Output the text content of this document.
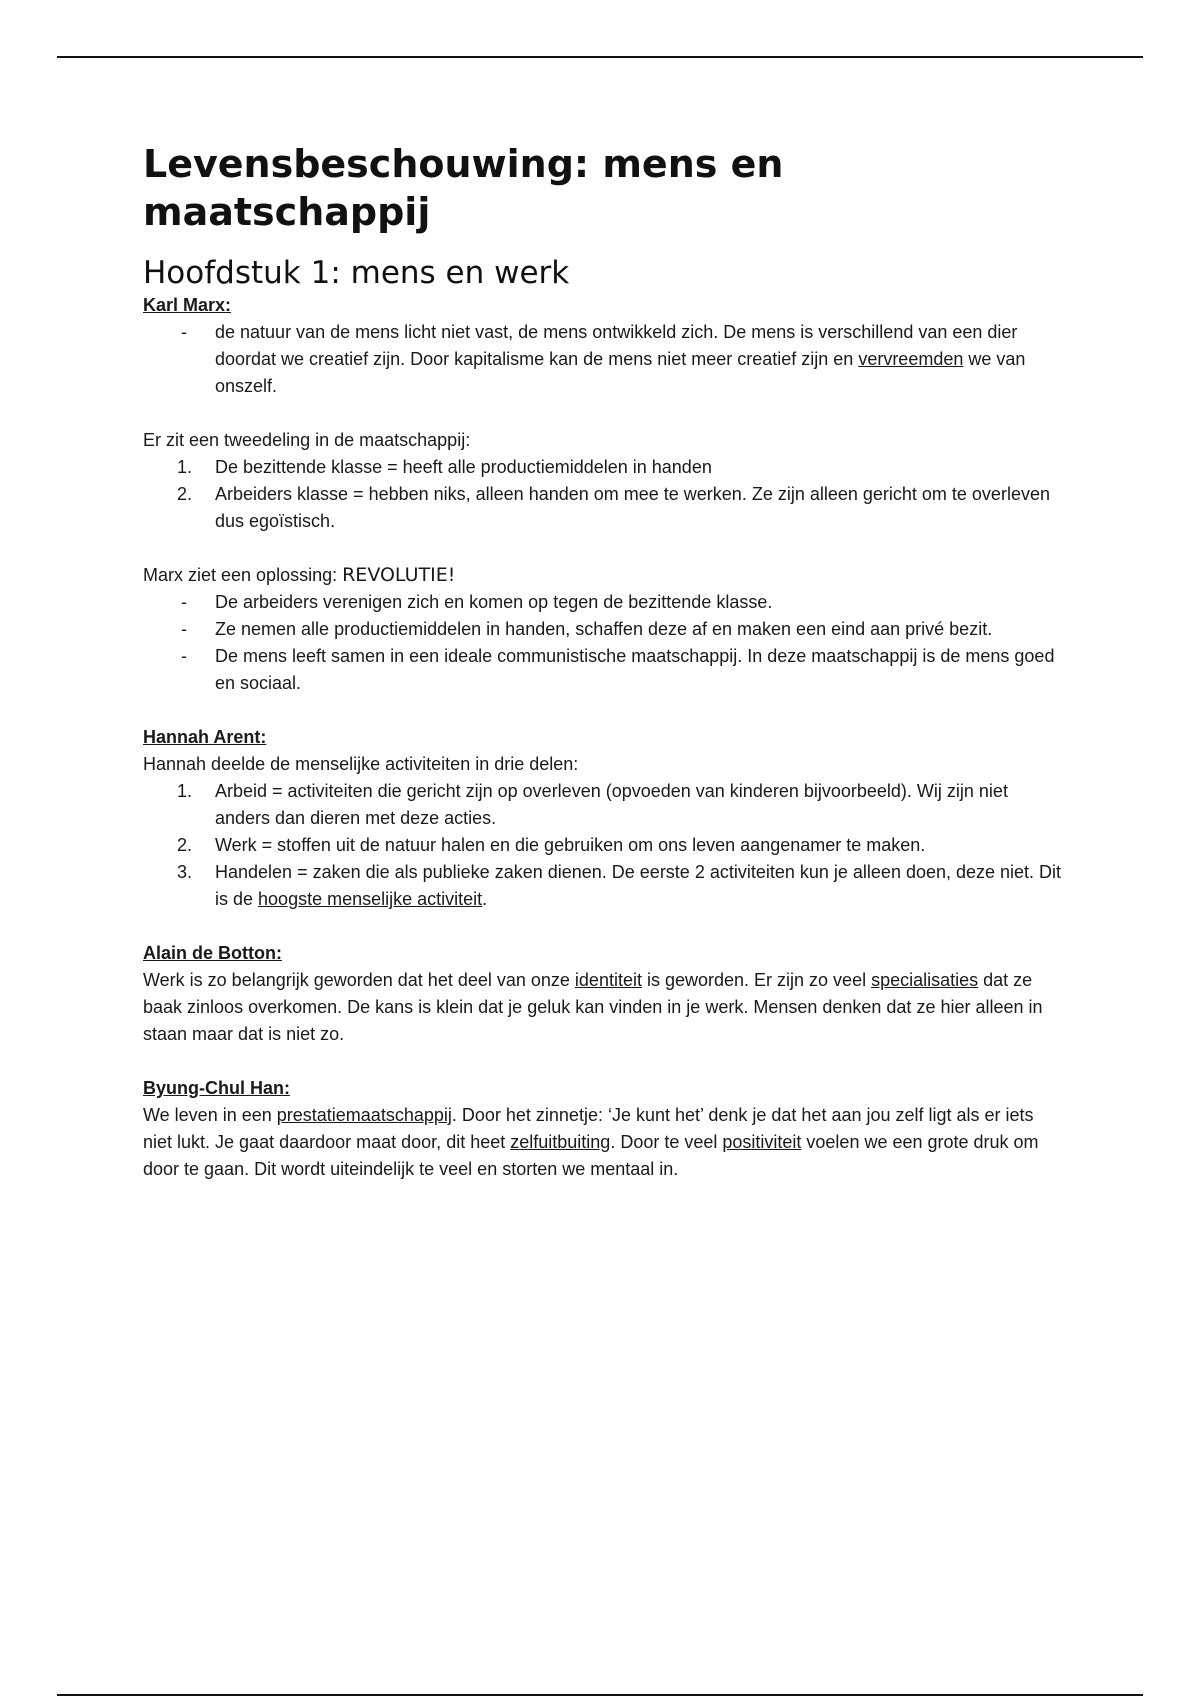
Levensbeschouwing: mens en maatschappij
Hoofdstuk 1: mens en werk

Karl Marx:

-	de natuur van de mens licht niet vast, de mens ontwikkeld zich. De mens is verschillend van een dier doordat we creatief zijn. Door kapitalisme kan de mens niet meer creatief zijn en vervreemden we van onszelf.

Er zit een tweedeling in de maatschappij:

1.	De bezittende klasse = heeft alle productiemiddelen in handen
2.	Arbeiders klasse = hebben niks, alleen handen om mee te werken. Ze zijn alleen gericht om te overleven dus egoïstisch.

Marx ziet een oplossing: REVOLUTIE!

-	De arbeiders verenigen zich en komen op tegen de bezittende klasse.
-	Ze nemen alle productiemiddelen in handen, schaffen deze af en maken een eind aan privé bezit.
-	De mens leeft samen in een ideale communistische maatschappij. In deze maatschappij is de mens goed en sociaal.

Hannah Arent:

Hannah deelde de menselijke activiteiten in drie delen:

1.	Arbeid = activiteiten die gericht zijn op overleven (opvoeden van kinderen bijvoorbeeld). Wij zijn niet anders dan dieren met deze acties.
2.	Werk = stoffen uit de natuur halen en die gebruiken om ons leven aangenamer te maken.
3.	Handelen = zaken die als publieke zaken dienen. De eerste 2 activiteiten kun je alleen doen, deze niet. Dit is de hoogste menselijke activiteit.

Alain de Botton:

Werk is zo belangrijk geworden dat het deel van onze identiteit is geworden. Er zijn zo veel specialisaties dat ze baak zinloos overkomen. De kans is klein dat je geluk kan vinden in je werk. Mensen denken dat ze hier alleen in staan maar dat is niet zo.

Byung-Chul Han:

We leven in een prestatiemaatschappij. Door het zinnetje: ‘Je kunt het’ denk je dat het aan jou zelf ligt als er iets niet lukt. Je gaat daardoor maat door, dit heet zelfuitbuiting. Door te veel positiviteit voelen we een grote druk om door te gaan. Dit wordt uiteindelijk te veel en storten we mentaal in.
